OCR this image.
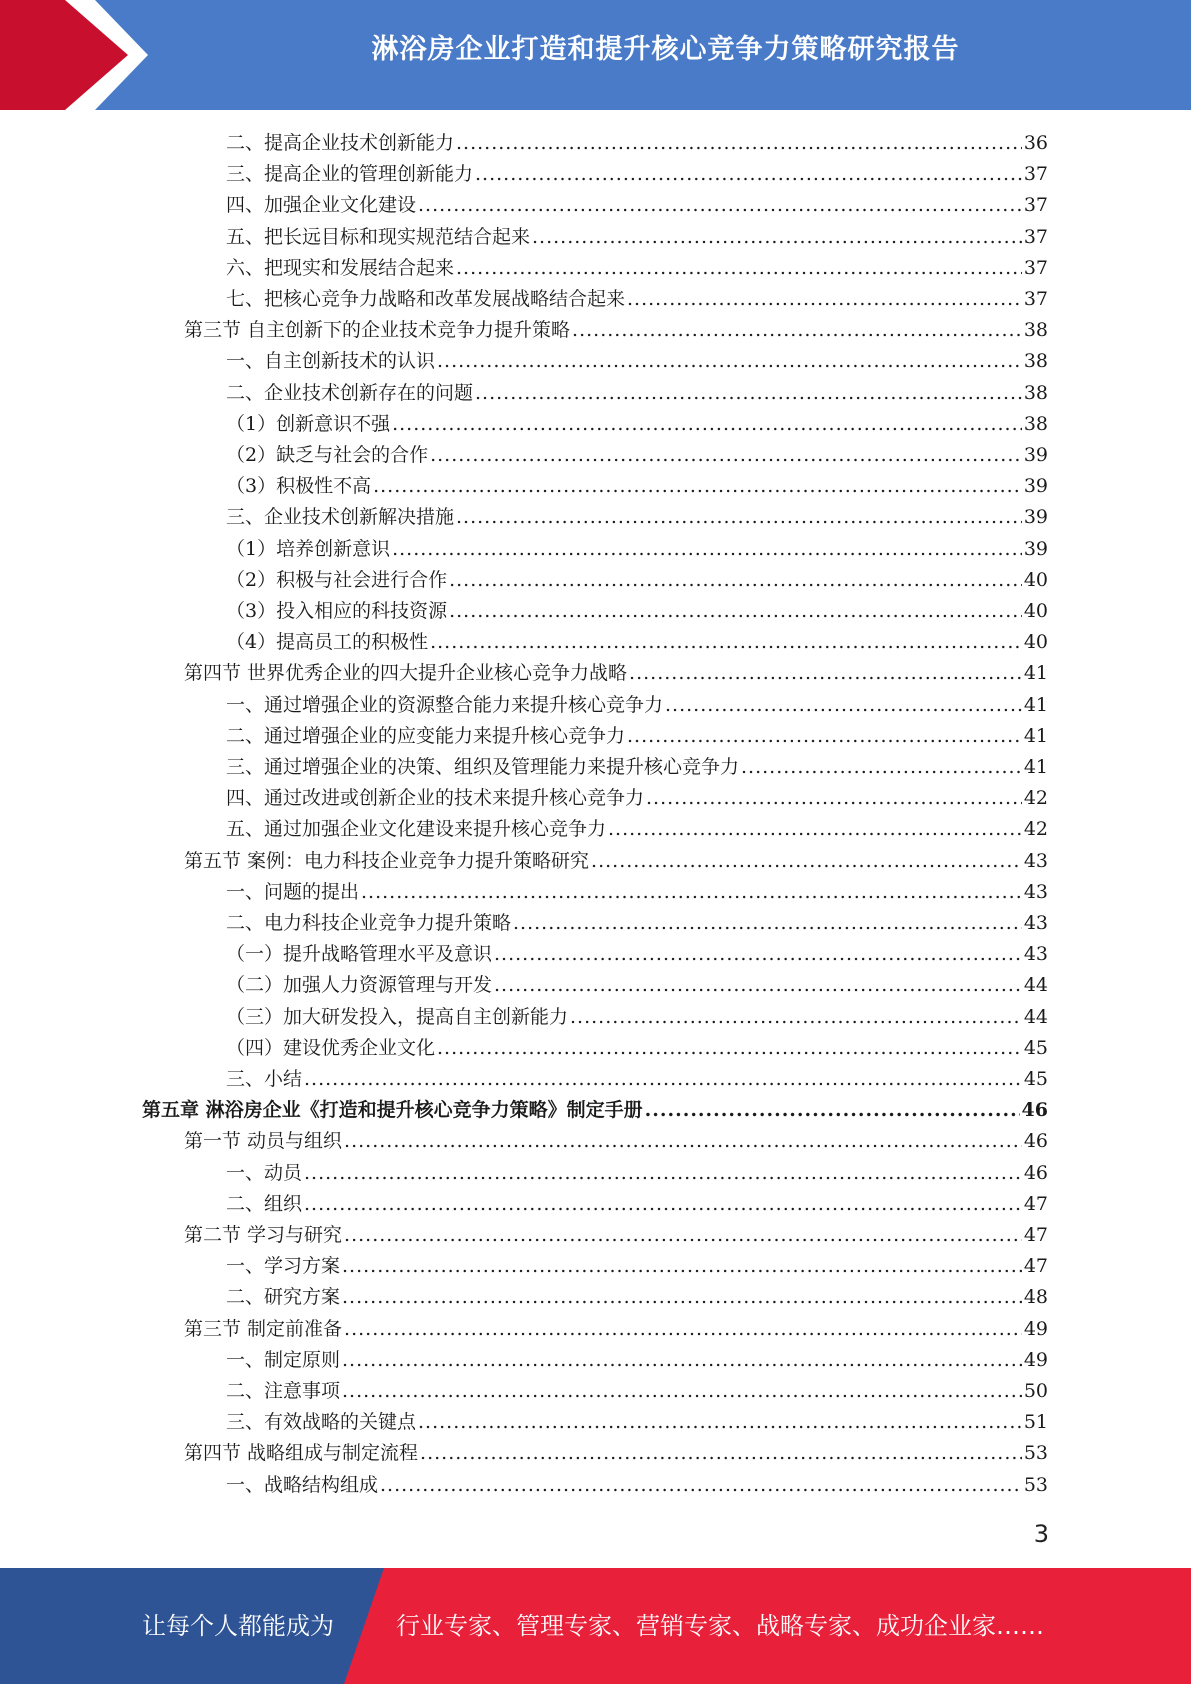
淋浴房企业打造和提升核心竞争力策略研究报告
二、提高企业技术创新能力 .....	36
三、提高企业的管理创新能力 .....	37
四、加强企业文化建设 .....	37
五、把长远目标和现实规范结合起来 .....	37
六、把现实和发展结合起来 .....	37
七、把核心竞争力战略和改革发展战略结合起来 .....	37
第三节 自主创新下的企业技术竞争力提升策略 .....	38
一、自主创新技术的认识 .....	38
二、企业技术创新存在的问题 .....	38
（1）创新意识不强 .....	38
（2）缺乏与社会的合作 .....	39
（3）积极性不高 .....	39
三、企业技术创新解决措施 .....	39
（1）培养创新意识 .....	39
（2）积极与社会进行合作 .....	40
（3）投入相应的科技资源 .....	40
（4）提高员工的积极性 .....	40
第四节 世界优秀企业的四大提升企业核心竞争力战略 .....	41
一、通过增强企业的资源整合能力来提升核心竞争力 .....	41
二、通过增强企业的应变能力来提升核心竞争力 .....	41
三、通过增强企业的决策、组织及管理能力来提升核心竞争力 .....	41
四、通过改进或创新企业的技术来提升核心竞争力 .....	42
五、通过加强企业文化建设来提升核心竞争力 .....	42
第五节 案例：电力科技企业竞争力提升策略研究 .....	43
一、问题的提出 .....	43
二、电力科技企业竞争力提升策略 .....	43
（一）提升战略管理水平及意识 .....	43
（二）加强人力资源管理与开发 .....	44
（三）加大研发投入，提高自主创新能力 .....	44
（四）建设优秀企业文化 .....	45
三、小结 .....	45
第五章 淋浴房企业《打造和提升核心竞争力策略》制定手册 .....	46
第一节 动员与组织 .....	46
一、动员 .....	46
二、组织 .....	47
第二节 学习与研究 .....	47
一、学习方案 .....	47
二、研究方案 .....	48
第三节 制定前准备 .....	49
一、制定原则 .....	49
二、注意事项 .....	50
三、有效战略的关键点 .....	51
第四节 战略组成与制定流程 .....	53
一、战略结构组成 .....	53
3
让每个人都能成为	行业专家、管理专家、营销专家、战略专家、成功企业家……
